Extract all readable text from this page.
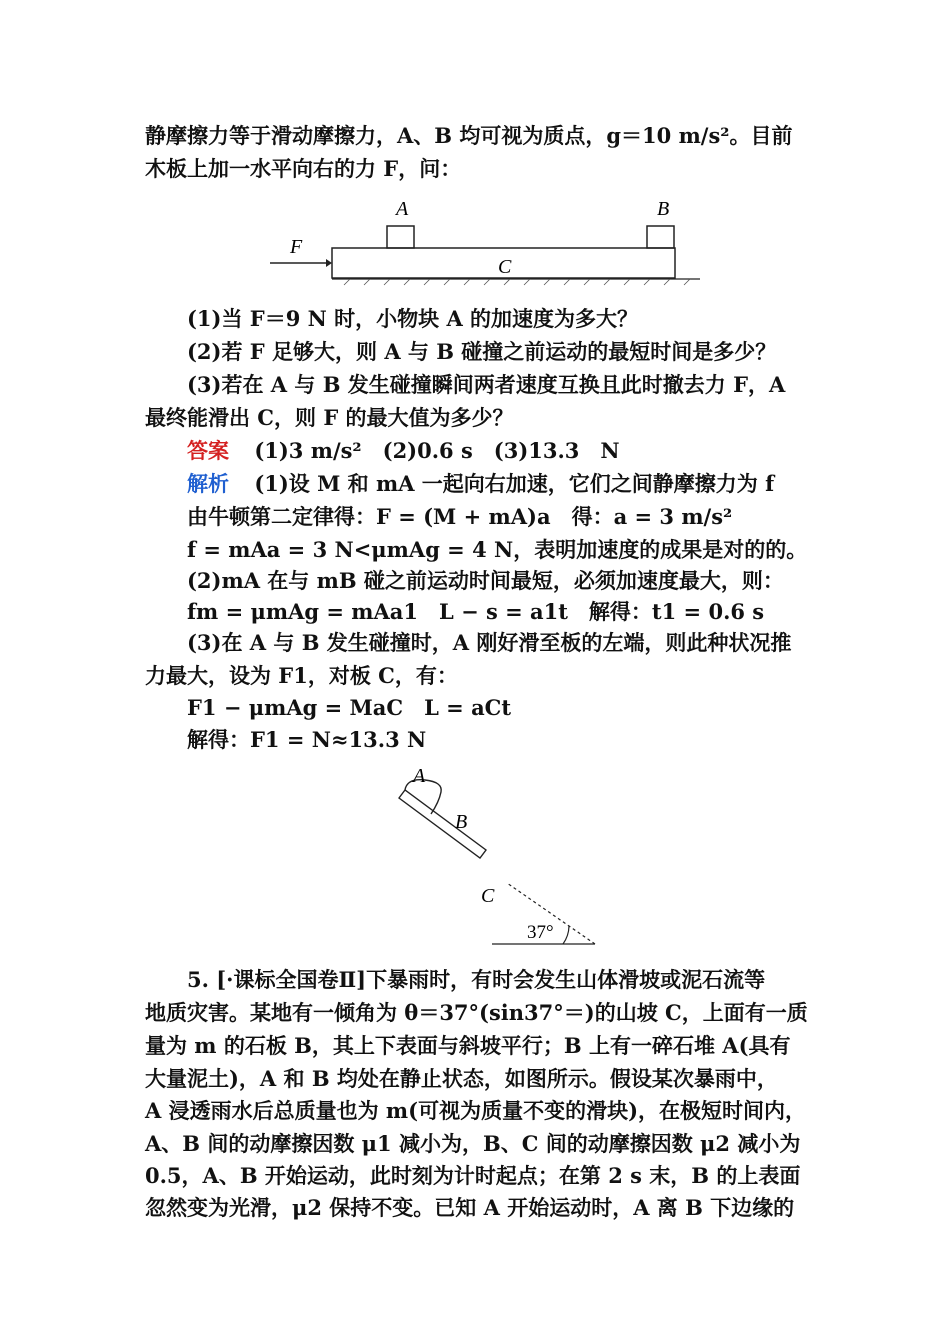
静摩擦力等于滑动摩擦力，A、B 均可视为质点，g＝10 m/s²。目前
木板上加一水平向右的力 F，问：
A	B
C
F
(1)当 F＝9 N 时，小物块 A 的加速度为多大？
(2)若 F 足够大，则 A 与 B 碰撞之前运动的最短时间是多少？
(3)若在 A 与 B 发生碰撞瞬间两者速度互换且此时撤去力 F，A
最终能滑出 C，则 F 的最大值为多少？
答案 (1)3 m/s²　(2)0.6 s　(3)13.3　N
解析 (1)设 M 和 mA 一起向右加速，它们之间静摩擦力为 f
由牛顿第二定律得：F = (M + mA)a　得：a = 3 m/s²
f = mAa = 3 N<μmAg = 4 N，表明加速度的成果是对的的。
(2)mA 在与 mB 碰之前运动时间最短，必须加速度最大，则：
fm = μmAg = mAa1　L − s = a1t　解得：t1 = 0.6 s
(3)在 A 与 B 发生碰撞时，A 刚好滑至板的左端，则此种状况推
力最大，设为 F1，对板 C，有：
F1 − μmAg = MaC　L = aCt
解得：F1 = N≈13.3 N
A
B
C
37°
5. [·课标全国卷Ⅱ]下暴雨时，有时会发生山体滑坡或泥石流等
地质灾害。某地有一倾角为 θ＝37°(sin37°＝)的山坡 C，上面有一质
量为 m 的石板 B，其上下表面与斜坡平行；B 上有一碎石堆 A(具有
大量泥土)，A 和 B 均处在静止状态，如图所示。假设某次暴雨中，
A 浸透雨水后总质量也为 m(可视为质量不变的滑块)，在极短时间内，
A、B 间的动摩擦因数 μ1 减小为，B、C 间的动摩擦因数 μ2 减小为
0.5，A、B 开始运动，此时刻为计时起点；在第 2 s 末，B 的上表面
忽然变为光滑，μ2 保持不变。已知 A 开始运动时，A 离 B 下边缘的
